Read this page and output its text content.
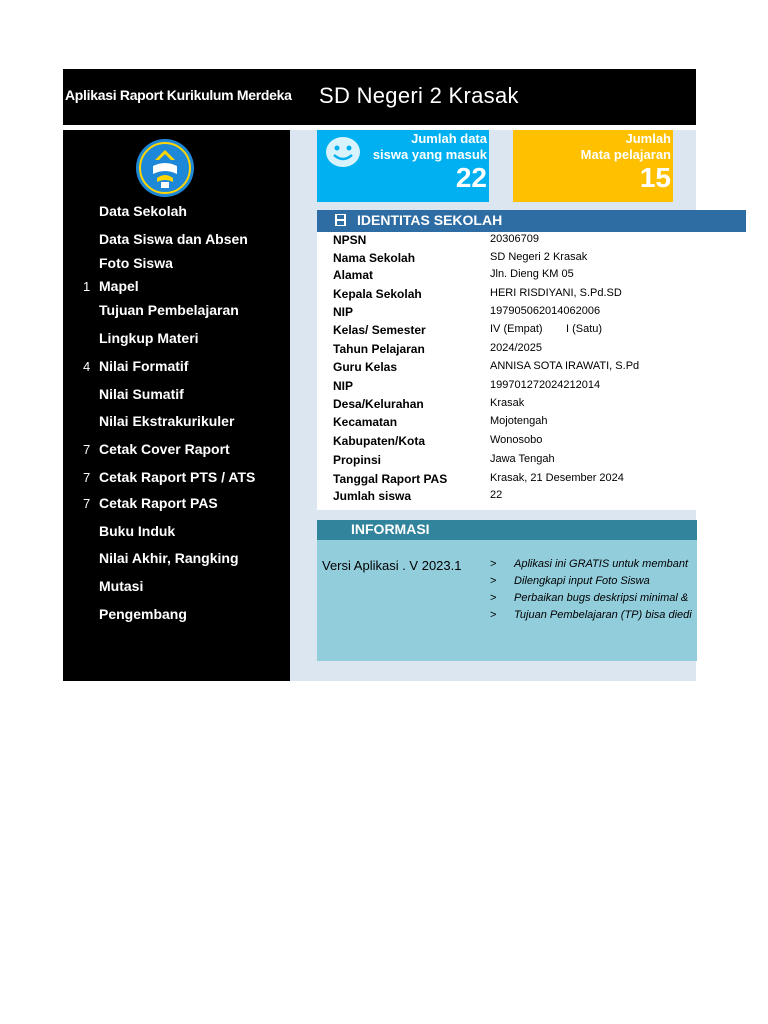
Aplikasi Raport Kurikulum Merdeka SD Negeri 2 Krasak
Data Sekolah
Data Siswa dan Absen
Foto Siswa
1 Mapel
Tujuan Pembelajaran
Lingkup Materi
4 Nilai Formatif
Nilai Sumatif
Nilai Ekstrakurikuler
7 Cetak Cover Raport
7 Cetak Raport PTS / ATS
7 Cetak Raport PAS
Buku Induk
Nilai Akhir, Rangking
Mutasi
Pengembang
Jumlah data
siswa yang masuk
22
Jumlah
Mata pelajaran
15
IDENTITAS SEKOLAH
NPSN	20306709
Nama Sekolah	SD Negeri 2 Krasak
Alamat	Jln. Dieng KM 05
Kepala Sekolah	HERI RISDIYANI, S.Pd.SD
NIP	197905062014062006
Kelas/ Semester	IV (Empat) I (Satu)
Tahun Pelajaran	2024/2025
Guru Kelas	ANNISA SOTA IRAWATI, S.Pd
NIP	199701272024212014
Desa/Kelurahan	Krasak
Kecamatan	Mojotengah
Kabupaten/Kota	Wonosobo
Propinsi	Jawa Tengah
Tanggal Raport PAS	Krasak, 21 Desember 2024
Jumlah siswa	22
INFORMASI
Versi Aplikasi . V 2023.1	> Aplikasi ini GRATIS untuk membant
> Dilengkapi input Foto Siswa
> Perbaikan bugs deskripsi minimal &
> Tujuan Pembelajaran (TP) bisa diedi
